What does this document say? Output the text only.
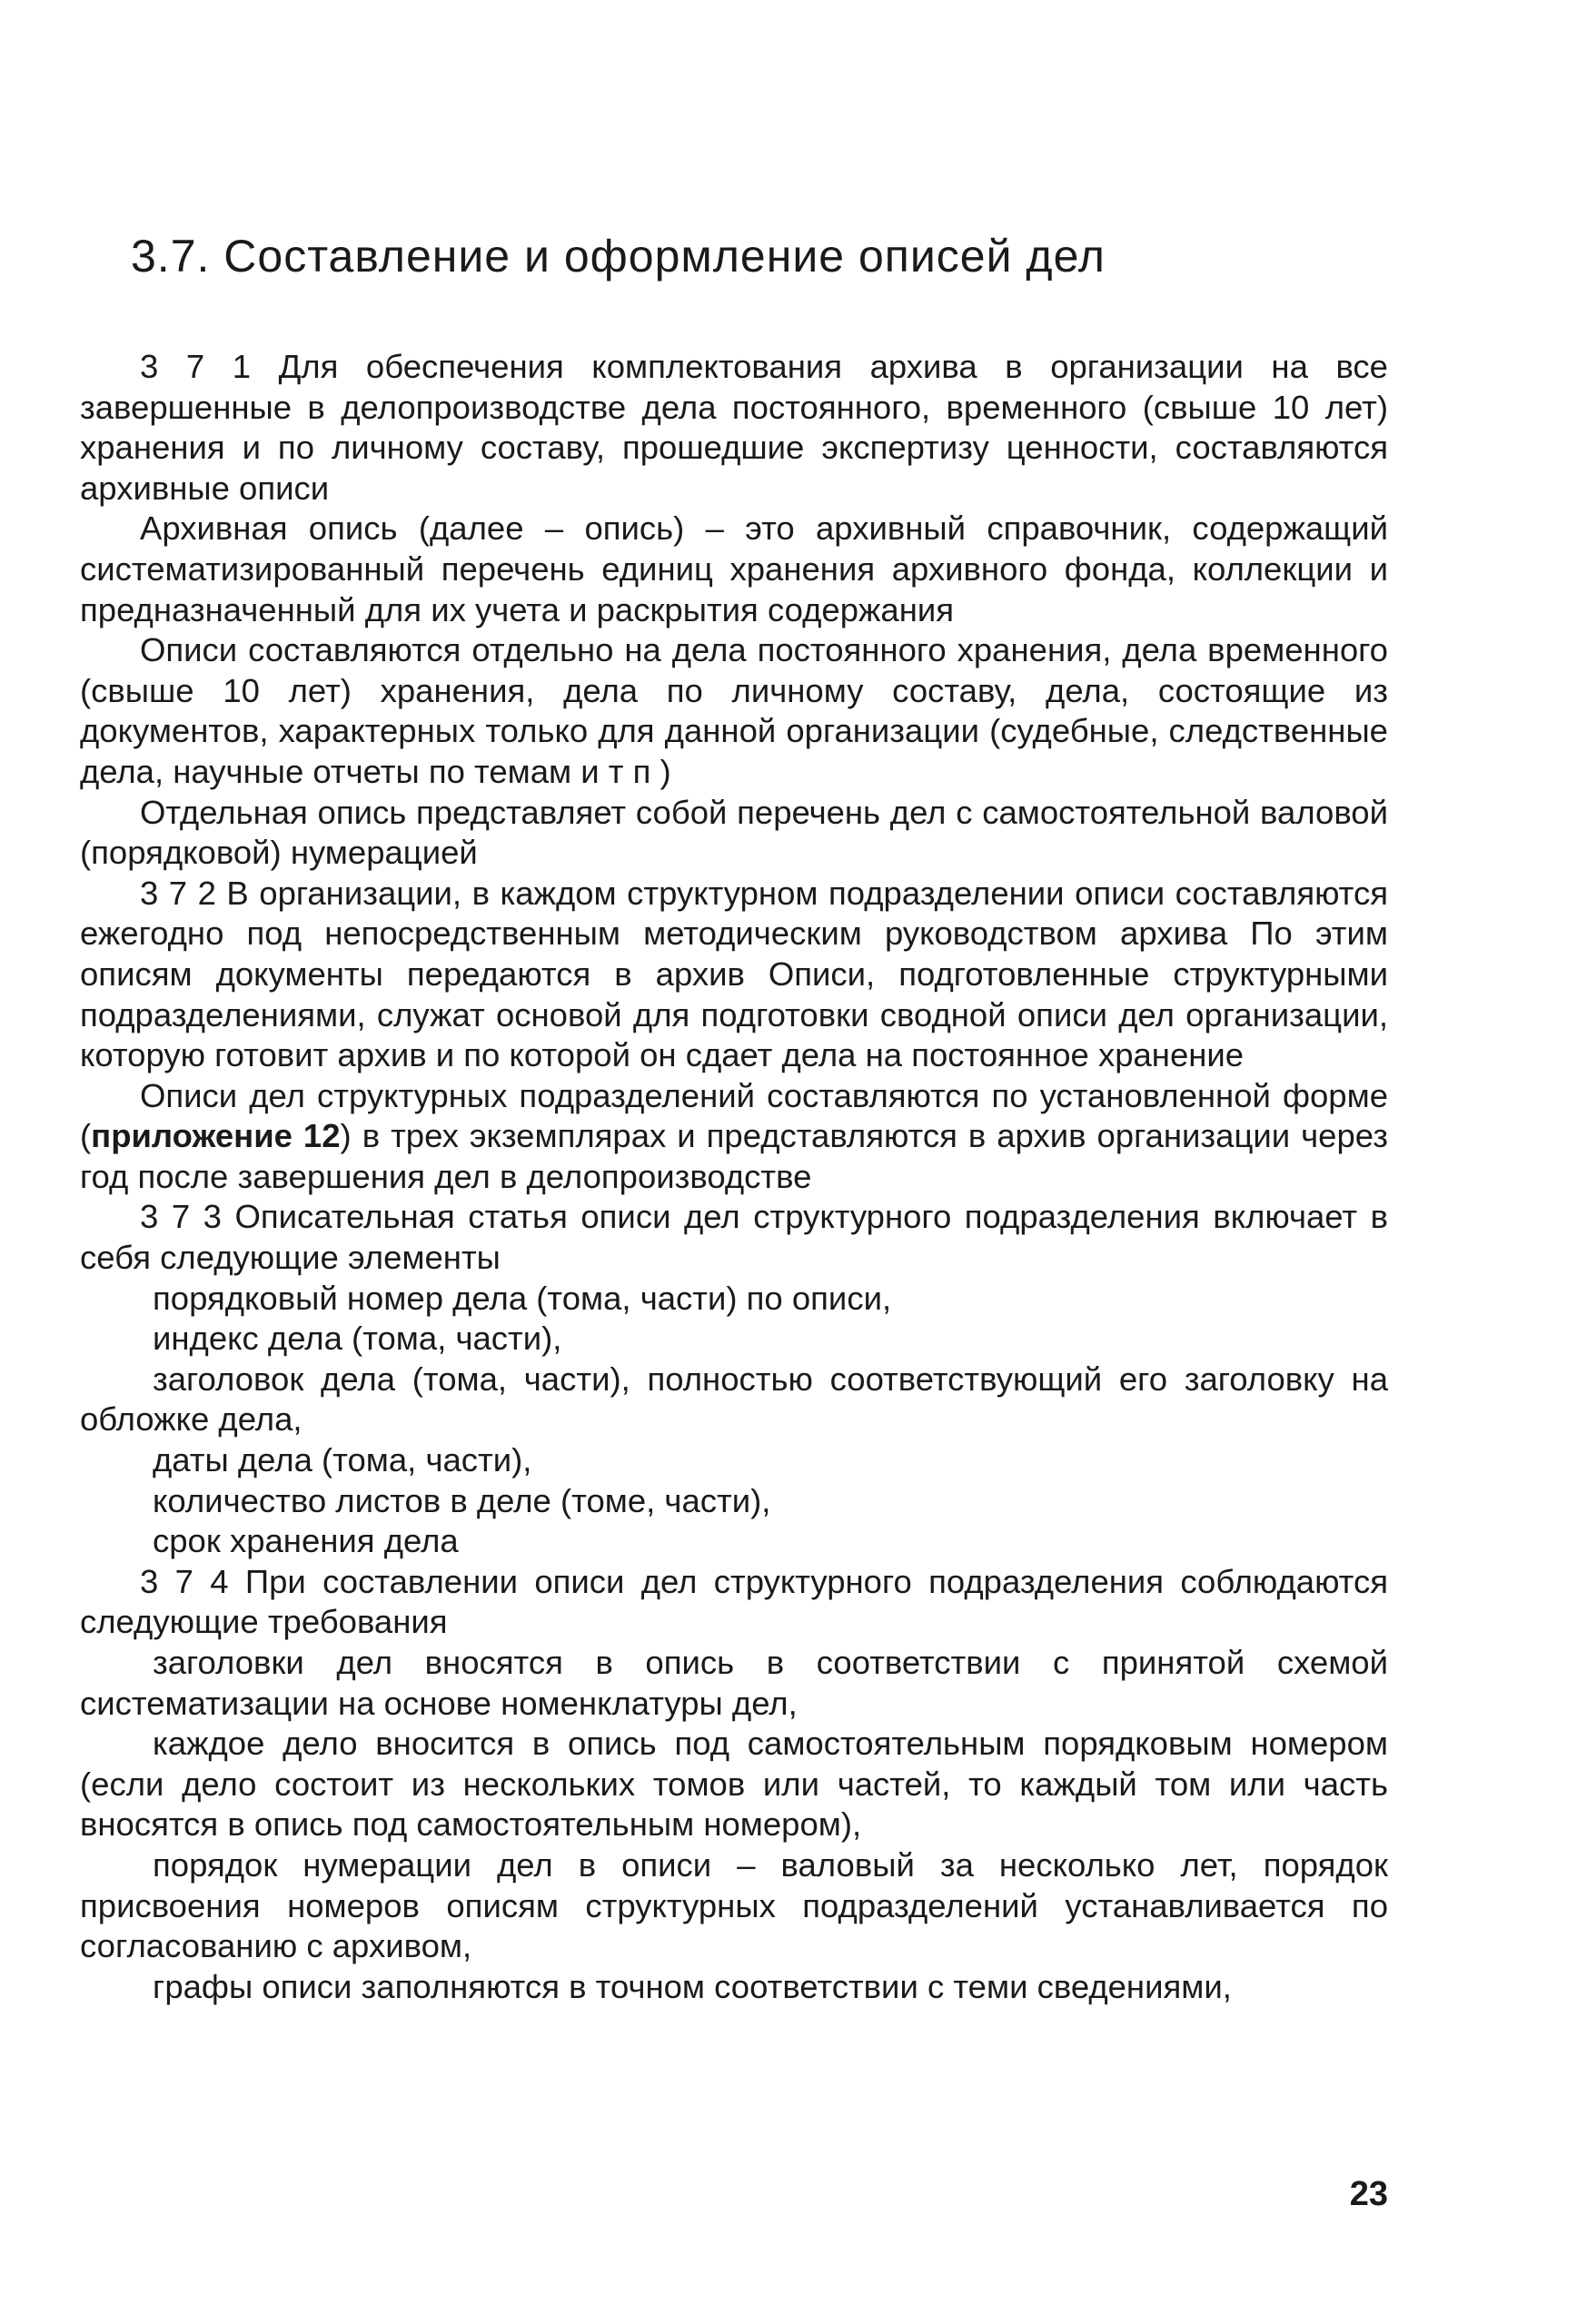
3.7. Составление и оформление описей дел

3 7 1 Для обеспечения комплектования архива в организации на все завершенные в делопроизводстве дела постоянного, временного (свыше 10 лет) хранения и по личному составу, прошедшие экспертизу ценности, составляются архивные описи

Архивная опись (далее – опись) – это архивный справочник, содержащий систематизированный перечень единиц хранения архивного фонда, коллекции и предназначенный для их учета и раскрытия содержания

Описи составляются отдельно на дела постоянного хранения, дела временного (свыше 10 лет) хранения, дела по личному составу, дела, состоящие из документов, характерных только для данной организации (судебные, следственные дела, научные отчеты по темам и т п )

Отдельная опись представляет собой перечень дел с самостоятельной валовой (порядковой) нумерацией

3 7 2 В организации, в каждом структурном подразделении описи составляются ежегодно под непосредственным методическим руководством архива По этим описям документы передаются в архив Описи, подготовленные структурными подразделениями, служат основой для подготовки сводной описи дел организации, которую готовит архив и по которой он сдает дела на постоянное хранение

Описи дел структурных подразделений составляются по установленной форме (приложение 12) в трех экземплярах и представляются в архив организации через год после завершения дел в делопроизводстве

3 7 3 Описательная статья описи дел структурного подразделения включает в себя следующие элементы

порядковый номер дела (тома, части) по описи,

индекс дела (тома, части),

заголовок дела (тома, части), полностью соответствующий его заголовку на обложке дела,

даты дела (тома, части),

количество листов в деле (томе, части),

срок хранения дела

3 7 4 При составлении описи дел структурного подразделения соблюдаются следующие требования

заголовки дел вносятся в опись в соответствии с принятой схемой систематизации на основе номенклатуры дел,

каждое дело вносится в опись под самостоятельным порядковым номером (если дело состоит из нескольких томов или частей, то каждый том или часть вносятся в опись под самостоятельным номером),

порядок нумерации дел в описи – валовый за несколько лет, порядок присвоения номеров описям структурных подразделений устанавливается по согласованию с архивом,

графы описи заполняются в точном соответствии с теми сведениями,

23
